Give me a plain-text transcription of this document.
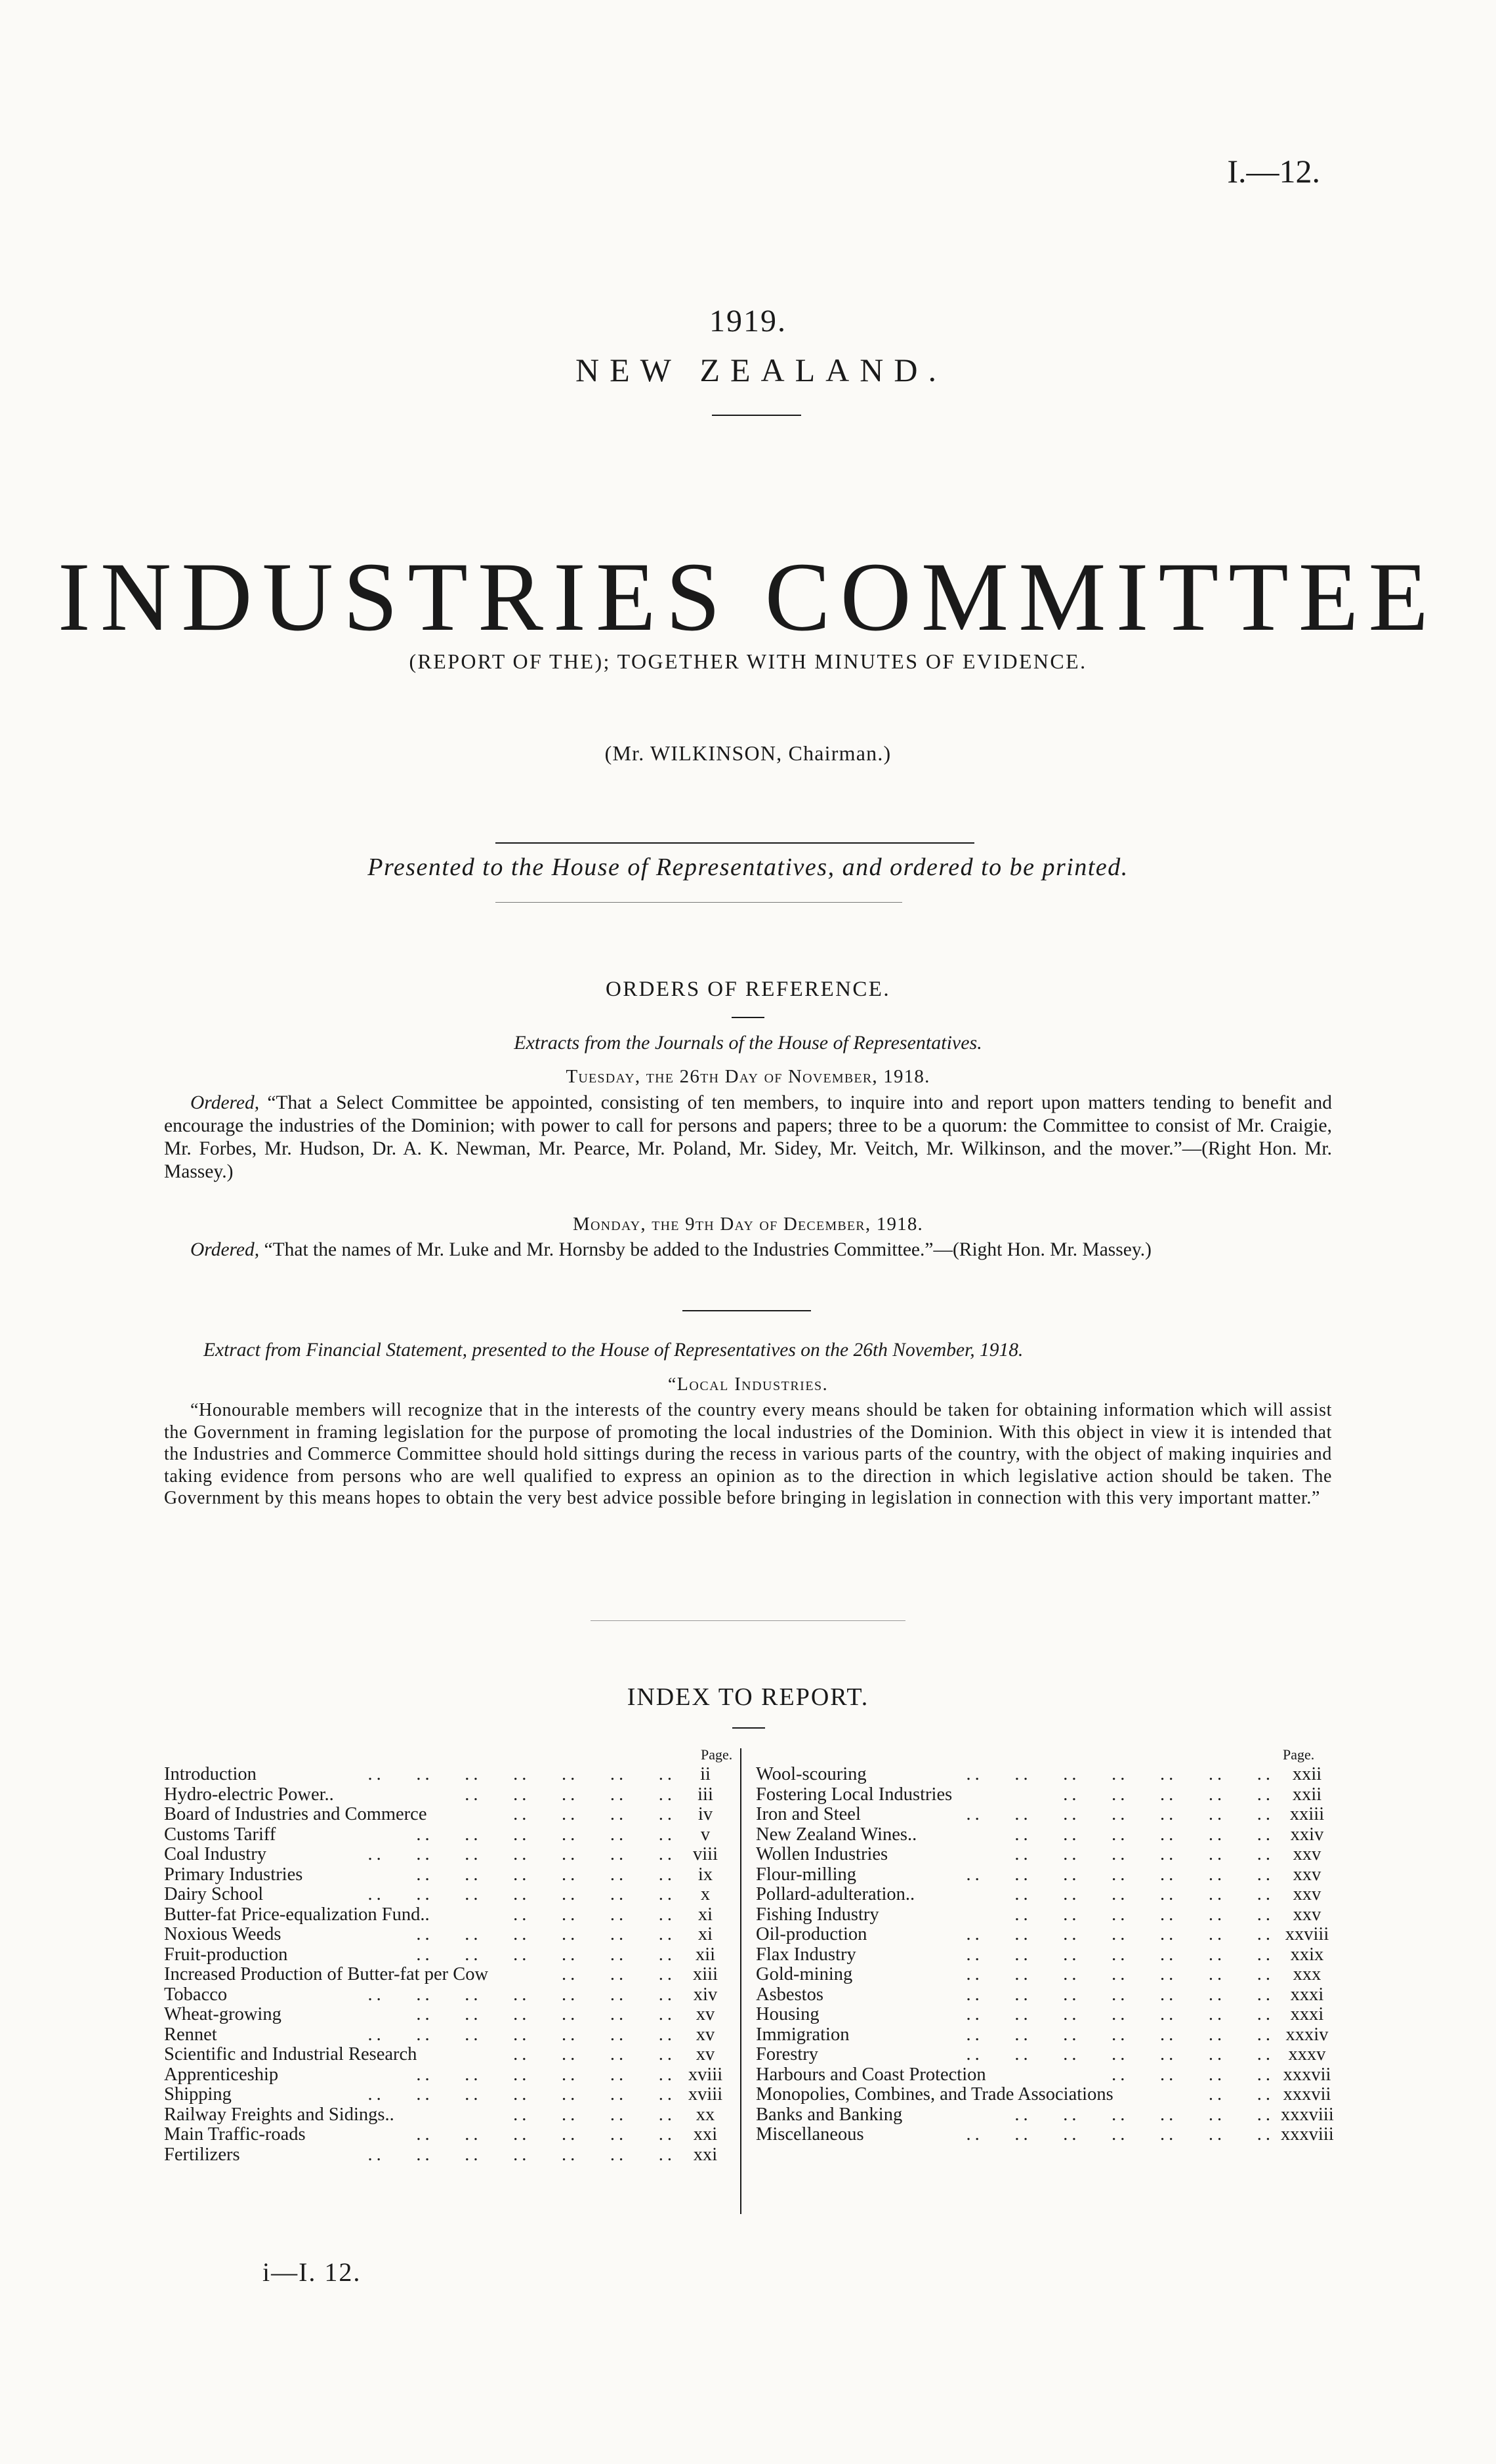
I.—12.
1919.
NEW ZEALAND.
INDUSTRIES COMMITTEE
(REPORT OF THE); TOGETHER WITH MINUTES OF EVIDENCE.
(Mr. WILKINSON, Chairman.)
Presented to the House of Representatives, and ordered to be printed.
ORDERS OF REFERENCE.
Extracts from the Journals of the House of Representatives.
Tuesday, the 26th Day of November, 1918.
Ordered, “That a Select Committee be appointed, consisting of ten members, to inquire into and report upon matters tending to benefit and encourage the industries of the Dominion; with power to call for persons and papers; three to be a quorum: the Committee to consist of Mr. Craigie, Mr. Forbes, Mr. Hudson, Dr. A. K. Newman, Mr. Pearce, Mr. Poland, Mr. Sidey, Mr. Veitch, Mr. Wilkinson, and the mover.”—(Right Hon. Mr. Massey.)
Monday, the 9th Day of December, 1918.
Ordered, “That the names of Mr. Luke and Mr. Hornsby be added to the Industries Committee.”—(Right Hon. Mr. Massey.)
Extract from Financial Statement, presented to the House of Representatives on the 26th November, 1918.
“Local Industries.
“Honourable members will recognize that in the interests of the country every means should be taken for obtaining information which will assist the Government in framing legislation for the purpose of promoting the local industries of the Dominion. With this object in view it is intended that the Industries and Commerce Committee should hold sittings during the recess in various parts of the country, with the object of making inquiries and taking evidence from persons who are well qualified to express an opinion as to the direction in which legislative action should be taken. The Government by this means hopes to obtain the very best advice possible before bringing in legislation in connection with this very important matter.”
INDEX TO REPORT.
Page.	Page.
Introduction	..  ..  ..  ..  ..  ..  ..	ii
Hydro-electric Power..	..  ..  ..  ..  ..	iii
Board of Industries and Commerce	..  ..  ..  ..	iv
Customs Tariff	..  ..  ..  ..  ..  ..	v
Coal Industry	..  ..  ..  ..  ..  ..  .. viii
Primary Industries	..  ..  ..  ..  ..  ..	ix
Dairy School	..  ..  ..  ..  ..  ..  ..	x
Butter-fat Price-equalization Fund..	..  ..  ..  ..	xi
Noxious Weeds	..  ..  ..  ..  ..  ..	xi
Fruit-production	..  ..  ..  ..  ..  ..	xii
Increased Production of Butter-fat per Cow	..  ..  .. xiii
Tobacco	..  ..  ..  ..  ..  ..  .. xiv
Wheat-growing	..  ..  ..  ..  ..  ..	xv
Rennet	..  ..  ..  ..  ..  ..  ..	xv
Scientific and Industrial Research	..  ..  ..  ..	xv
Apprenticeship	..  ..  ..  ..  ..  .. xviii
Shipping	..  ..  ..  ..  ..  ..  .. xviii
Railway Freights and Sidings..	..  ..  ..  ..	xx
Main Traffic-roads	..  ..  ..  ..  ..  .. xxi
Fertilizers	..  ..  ..  ..  ..  ..  .. xxi
Wool-scouring	..  ..  ..  ..  ..  ..  .. xxii
Fostering Local Industries	..  ..  ..  ..  .. xxii
Iron and Steel	..  ..  ..  ..  ..  ..  .. xxiii
New Zealand Wines..	..  ..  ..  ..  ..  .. xxiv
Wollen Industries	..  ..  ..  ..  ..  ..	xxv
Flour-milling	..  ..  ..  ..  ..  ..  ..	xxv
Pollard-adulteration..	..  ..  ..  ..  ..  ..	xxv
Fishing Industry	..  ..  ..  ..  ..  ..	xxv
Oil-production	..  ..  ..  ..  ..  ..  .. xxviii
Flax Industry	..  ..  ..  ..  ..  ..  .. xxix
Gold-mining	..  ..  ..  ..  ..  ..  ..	xxx
Asbestos	..  ..  ..  ..  ..  ..  .. xxxi
Housing	..  ..  ..  ..  ..  ..  .. xxxi
Immigration	..  ..  ..  ..  ..  ..  .. xxxiv
Forestry	..  ..  ..  ..  ..  ..  .. xxxv
Harbours and Coast Protection	..  ..  ..  .. xxxvii
Monopolies, Combines, and Trade Associations	..  .. xxxvii
Banks and Banking	..  ..  ..  ..  ..  .. xxxviii
Miscellaneous	..  ..  ..  ..  ..  ..  .. xxxviii
i—I. 12.
